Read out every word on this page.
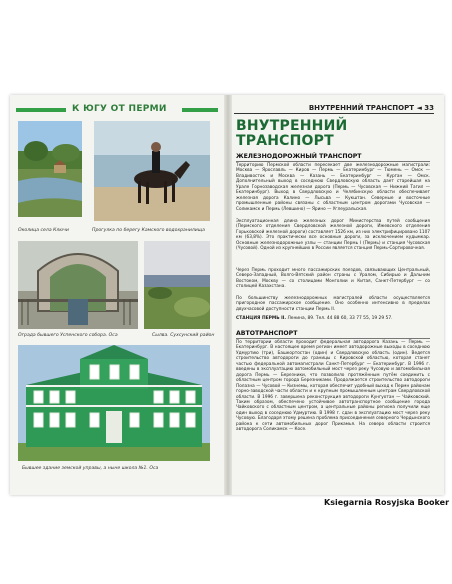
К ЮГУ ОТ ПЕРМИ
Околица села Ключи	Прогулка по берегу Камского водохранилища
Ограда бывшего Успенского собора. Оса	Сылва. Сухсунский район
Бывшее здание земской управы, а ныне школа №1. Оса
ВНУТРЕННИЙ ТРАНСПОРТ ◄ 33
ВНУТРЕННИЙ
ТРАНСПОРТ
ЖЕЛЕЗНОДОРОЖНЫЙ ТРАНСПОРТ
Территорию Пермской области пересекает две железнодорожные магистрали: Москва — Ярославль — Киров — Пермь — Екатеринбург — Тюмень — Омск — Владивосток и Москва — Казань — Екатеринбург — Курган — Омск. Дополнительный выход в соседнюю Свердловскую область дает старейшая на Урале Горнозаводская железная дорога (Пермь — Чусовская — Нижний Тагил — Екатеринбург). Выход в Свердловскую и Челябинскую области обеспечивает железная дорога Калино — Лысьва — Кукштан. Северные и восточные промышленные районы связаны с областным центром дорогами Чусовская — Соликамск и Пермь (Левшино) — Ярино — Углеуральская.
Эксплуатационная длина железных дорог Министерства путей сообщения (Пермского отделения Свердловской железной дороги, Ижевского отделения Горьковской железной дороги) составляет 1526 км, из них электрифицировано 1107 км (63,8%). Это практически все основные дороги, за исключением кудымкар. Основные железнодорожные узлы — станции Пермь I (Пермь) и станция Чусовская (Чусовой). Одной из крупнейших в России является станция Пермь-Сортировочная.
Через Пермь проходит много пассажирских поездов, связывающих Центральный, Северо-Западный, Волго-Вятский район страны с Уралом, Сибирью и Дальним Востоком, Москву — со столицами Монголии и Китая, Санкт-Петербург — со столицей Казахстана.
По большинству железнодорожных магистралей области осуществляется пригородное пассажирское сообщение. Оно особенно интенсивно в пределах двухчасовой доступности станции Пермь II.
СТАНЦИЯ ПЕРМЬ II. Ленина, 89. Тел. 44 88 60, 33 77 55, 19 29 57.
АВТОТРАНСПОРТ
По территории области проходит федеральная автодорога Казань — Пермь — Екатеринбург. В настоящее время регион имеет автодорожные выходы в соседнюю Удмуртию (три), Башкортостан (один) и Свердловскую область (один). Ведется строительство автодороги до границы с Кировской областью, которая станет частью федеральной автомагистрали Санкт-Петербург — Екатеринбург. В 1996 г. введены в эксплуатацию автомобильный мост через реку Чусовую и автомобильная дорога Пермь — Березники, что позволило протяжённым путём соединить с областным центром города Березниками. Продолжается строительство автодороги Полазна — Чусовой — Кизнемы, которая обеспечит удобный выход к Пермн районам горно-заводской части области и к крупным промышленным центрам Свердловской области. В 1996 г. завершена реконструкция автодороги Кунгуотан — Чайковский. Таким образом, обеспечено устойчивое автотранспортное сообщение города Чайковского с областным центром, а центральные районы региона получили еще один выход в соседнюю Удмуртию. В 1998 г. сдан в эксплуатацию мост через реку Чусовую. Благодаря этому решена проблема присоединения северного Чердынского района к сети автомобильных дорог Прикамья. На северо области строится автодорога Соликамск — Косе.
Ksiegarnia Rosyjska Booker
